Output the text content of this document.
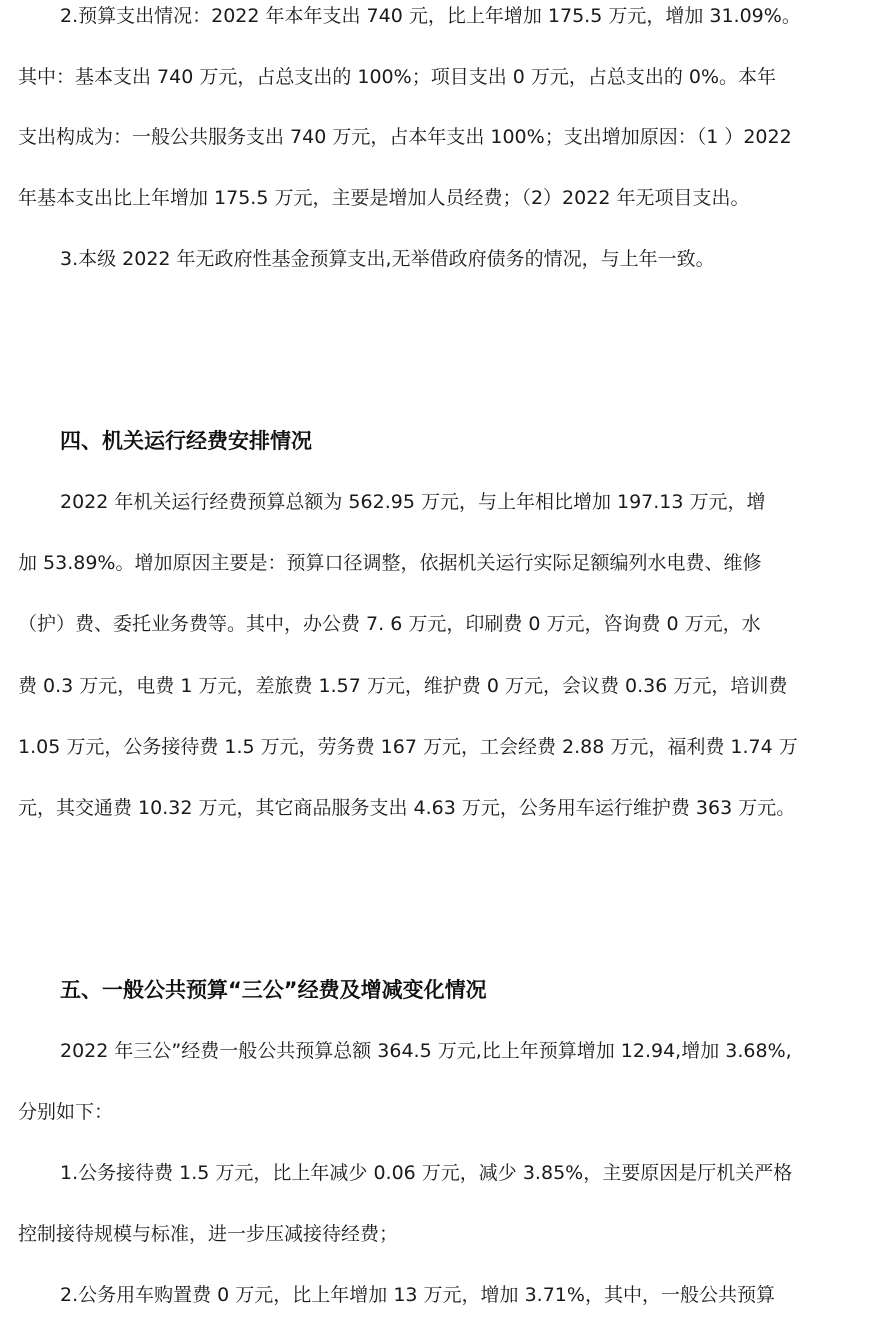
2.预算支出情况：2022 年本年支出 740 元，比上年增加 175.5 万元，增加 31.09%。
其中：基本支出 740 万元，占总支出的 100%；项目支出 0 万元，占总支出的 0%。本年
支出构成为：一般公共服务支出 740 万元，占本年支出 100%；支出增加原因：（1 ）2022
年基本支出比上年增加 175.5 万元，主要是增加人员经费；（2）2022 年无项目支出。
3.本级 2022 年无政府性基金预算支出,无举借政府债务的情况，与上年一致。
四、机关运行经费安排情况
2022 年机关运行经费预算总额为 562.95 万元，与上年相比增加 197.13 万元，增
加 53.89%。增加原因主要是：预算口径调整，依据机关运行实际足额编列水电费、维修
（护）费、委托业务费等。其中，办公费 7. 6 万元，印刷费 0 万元，咨询费 0 万元，水
费 0.3 万元，电费 1 万元，差旅费 1.57 万元，维护费 0 万元，会议费 0.36 万元，培训费
1.05 万元，公务接待费 1.5 万元，劳务费 167 万元，工会经费 2.88 万元，福利费 1.74 万
元，其交通费 10.32 万元，其它商品服务支出 4.63 万元，公务用车运行维护费 363 万元。
五、一般公共预算“三公”经费及增减变化情况
2022 年三公”经费一般公共预算总额 364.5 万元,比上年预算增加 12.94,增加 3.68%,
分别如下：
1.公务接待费 1.5 万元，比上年减少 0.06 万元，减少 3.85%，主要原因是厅机关严格
控制接待规模与标准，进一步压减接待经费；
2.公务用车购置费 0 万元，比上年增加 13 万元，增加 3.71%，其中，一般公共预算
